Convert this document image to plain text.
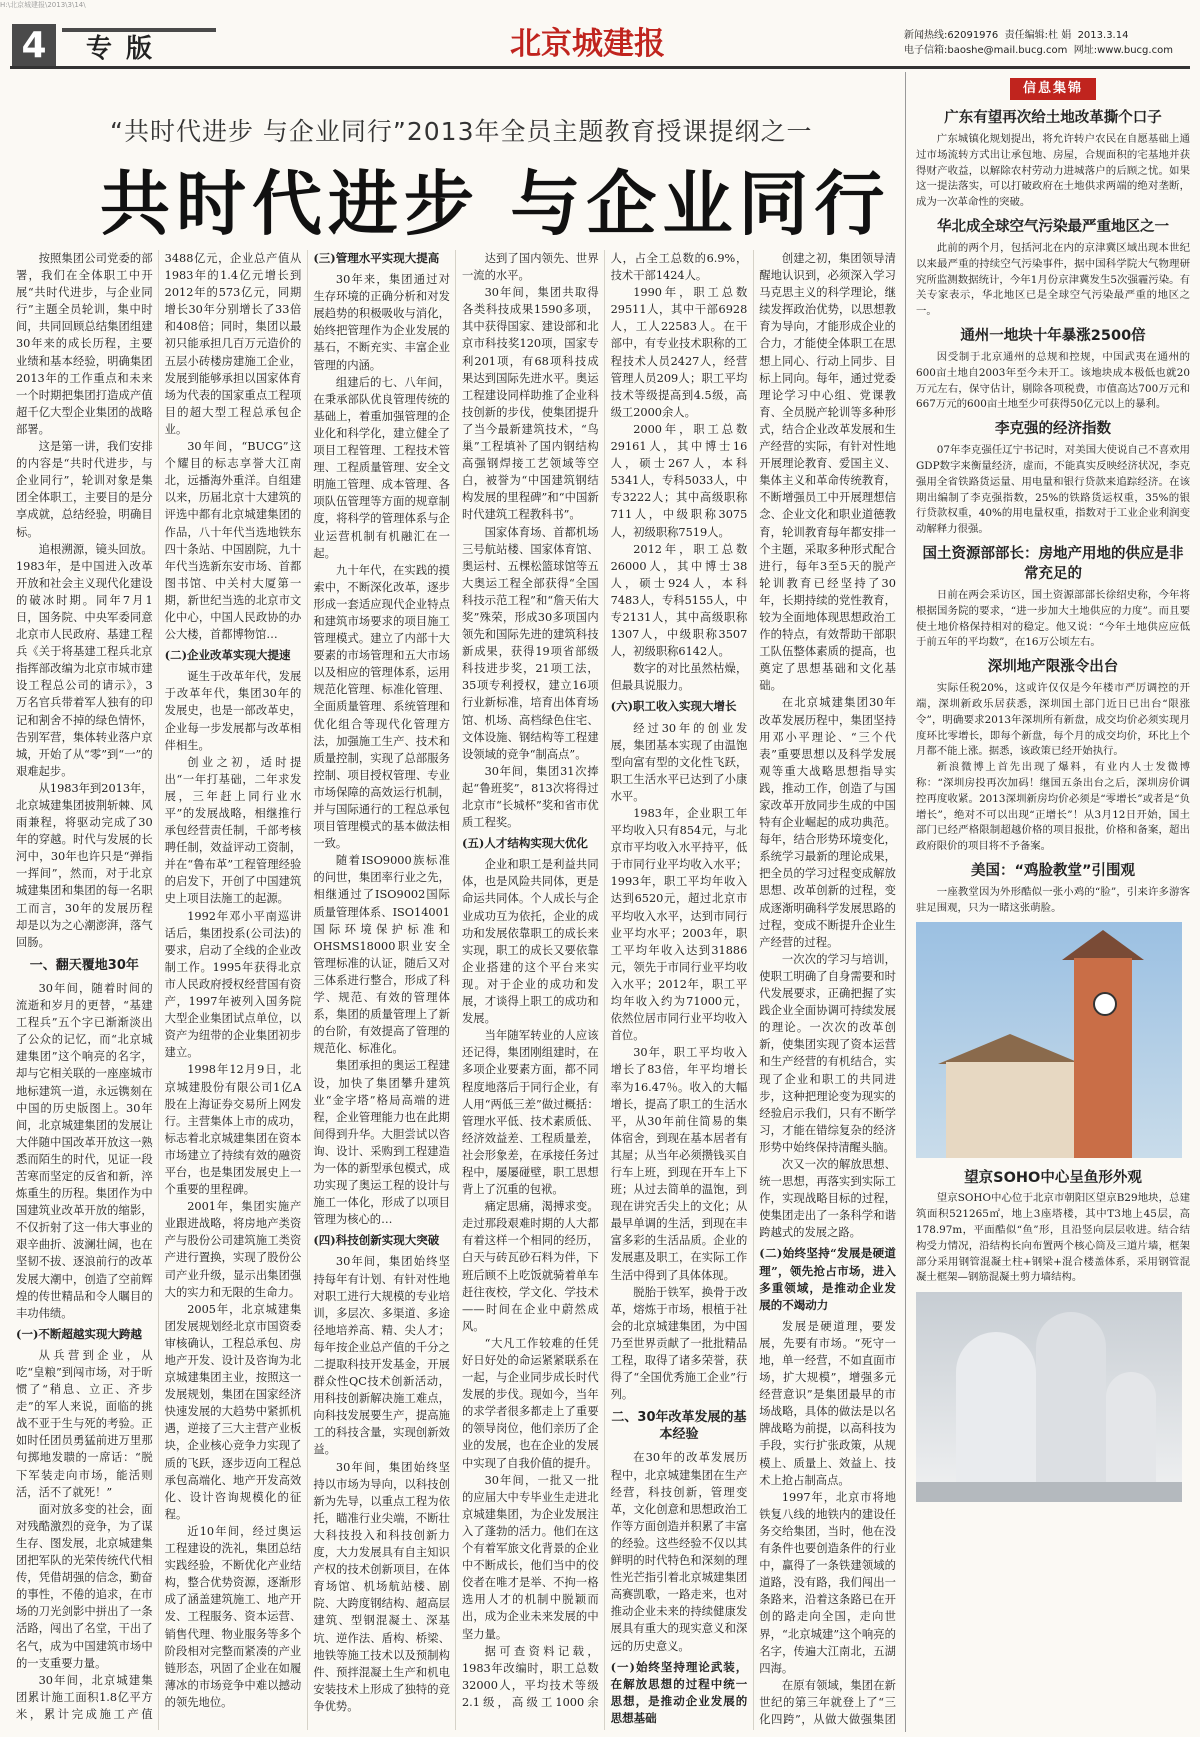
H:\北京城建报\2013\3\14\
4	专版	北京城建报	新闻热线:62091976 责任编辑:杜 娟 2013.3.14
电子信箱:baoshe@mail.bucg.com 网址:www.bucg.com
“共时代进步 与企业同行”2013年全员主题教育授课提纲之一
共时代进步 与企业同行

按照集团公司党委的部署，我们在全体职工中开展“共时代进步，与企业同行”主题全员轮训，集中时间，共同回顾总结集团组建30年来的成长历程，主要业绩和基本经验，明确集团2013年的工作重点和未来一个时期把集团打造成产值超千亿大型企业集团的战略部署。

这是第一讲，我们安排的内容是“共时代进步，与企业同行”，轮训对象是集团全体职工，主要目的是分享成就，总结经验，明确目标。

追根溯源，镜头回放。1983年，是中国进入改革开放和社会主义现代化建设的破冰时期。同年7月1日，国务院、中央军委同意北京市人民政府、基建工程兵《关于将基建工程兵北京指挥部改编为北京市城市建设工程总公司的请示》，3万名官兵带着军人独有的印记和割舍不掉的绿色情怀，告别军营，集体转业落户京城，开始了从“零”到“一”的艰难起步。

从1983年到2013年，北京城建集团披荆斩棘、风雨兼程，将驱动完成了30年的穿越。时代与发展的长河中，30年也许只是“弹指一挥间”，然而，对于北京城建集团和集团的每一名职工而言，30年的发展历程却是以为之心潮澎湃，落气回肠。

一、翻天覆地30年

30年间，随着时间的流逝和岁月的更替，“基建工程兵”五个字已渐渐淡出了公众的记忆，而“北京城建集团”这个响亮的名字，却与它相关联的一座座城市地标建筑一道，永远镌刻在中国的历史版图上。30年间，北京城建集团的发展让大伴随中国改革开放这一熟悉而陌生的时代，见证一段苦寒而坚定的反省和新，淬炼重生的历程。集团作为中国建筑业改革开放的缩影，不仅折射了这一伟大事业的艰辛曲折、波澜壮阔，也在坚韧不拔、逐浪前行的改革发展大潮中，创造了空前辉煌的传世精品和令人瞩目的丰功伟绩。

(一)不断超越实现大跨越

从兵营到企业，从吃“皇粮”到闯市场，对于昕惯了“稍息、立正、齐步走”的军人来说，面临的挑战不亚于生与死的考验。正如时任团员勇猛前进万里那句掷地发聩的一席话：“脱下军装走向市场，能活则活，活不了就死！”

面对放多变的社会，面对残酷激烈的竞争，为了谋生存、图发展，北京城建集团把军队的光荣传统代代相传，凭借胡强的信念，勤奋的事性，不倦的追求，在市场的刀光剑影中拼出了一条活路，闯出了名堂，干出了名气，成为中国建筑市场中的一支重要力量。

30年间，北京城建集团累计施工面积1.8亿平方米，累计完成施工产值3488亿元，企业总产值从1983年的1.4亿元增长到2012年的573亿元，同期增长30年分别增长了33倍和408倍；同时，集团以最初只能承担几百万元造价的五层小砖楼房建施工企业，发展到能够承担以国家体育场为代表的国家重点工程项目的超大型工程总承包企业。

30年间，“BUCG”这个耀目的标志享誉大江南北，远播海外重洋。自组建以来，历届北京十大建筑的评选中都有北京城建集团的作品，八十年代当选地铁东四十条站、中国剧院，九十年代当选新东安市场、首都图书馆、中关村大厦第一期，新世纪当选的北京市文化中心，中国人民政协的办公大楼，首都博物馆…

(二)企业改革实现大提速

诞生于改革年代，发展于改革年代，集团30年的发展史，也是一部改革史，企业每一步发展都与改革相伴相生。

创业之初，适时提出“一年打基础，二年求发展，三年赶上同行业水平”的发展战略，相继推行承包经营责任制，千部考核聘任制，效益评动工资制，并在“鲁布革”工程管理经验的启发下，开创了中国建筑史上项目法施工的起源。

1992年邓小平南巡讲话后，集团投系(公司法)的要求，启动了全线的企业改制工作。1995年获得北京市人民政府授权经营国有资产，1997年被列入国务院大型企业集团试点单位，以资产为纽带的企业集团初步建立。

1998年12月9日，北京城建股份有限公司1亿A股在上海证券交易所上网发行。主营集体上市的成功，标志着北京城建集团在资本市场建立了持续有效的融资平台，也是集团发展史上一个重要的里程碑。

2001年，集团实施产业跟进战略，将房地产类资产与股份公司建筑施工类资产进行置换，实现了股份公司产业升级，显示出集团强大的实力和无限的生命力。

2005年，北京城建集团发展规划经北京市国资委审核确认，工程总承包、房地产开发、设计及咨询为北京城建集团主业，按照这一发展规划，集团在国家经济快速发展的大趋势中紧抓机遇，逆接了三大主营产业板块，企业核心竞争力实现了质的飞跃，逐步迈向工程总承包高端化、地产开发高效化、设计咨询规模化的征程。

近10年间，经过奥运工程建设的洗礼，集团总结实践经验，不断优化产业结构，整合优势资源，逐渐形成了涵盖建筑施工、地产开发、工程服务、资本运营、销售代理、物业服务等多个阶段相对完整而紧凑的产业链形态，巩固了企业在如履薄冰的市场竞争中难以撼动的领先地位。

(三)管理水平实现大提高

30年来，集团通过对生存环境的正确分析和对发展趋势的积极吸收与消化，始终把管理作为企业发展的基石，不断充实、丰富企业管理的内涵。

组建后的七、八年间，在秉承部队优良管理传统的基础上，着重加强管理的企业化和科学化，建立健全了项目工程管理、工程技术管理、工程质量管理、安全文明施工管理、成本管理、各项队伍管理等方面的规章制度，将科学的管理体系与企业运营机制有机融汇在一起。

九十年代，在实践的摸索中，不断深化改革，逐步形成一套适应现代企业特点和建筑市场要求的项目施工管理模式。建立了内部十大要素的市场管理和五大市场以及相应的管理体系，运用规范化管理、标准化管理、全面质量管理、系统管理和优化组合等现代化管理方法，加强施工生产、技术和质量控制，实现了总部服务控制、项目授权管理、专业市场保障的高效运行机制，并与国际通行的工程总承包项目管理模式的基本做法相一致。

随着ISO9000族标准的问世，集团率行业之先，相继通过了ISO9002国际质量管理体系、ISO14001国际环境保护标准和OHSMS18000职业安全管理标准的认证，随后又对三体系进行整合，形成了科学、规范、有效的管理体系，集团的质量管理上了新的台阶，有效提高了管理的规范化、标准化。

集团承担的奥运工程建设，加快了集团攀升建筑业“金字塔”格局高端的进程，企业管理能力也在此期间得到升华。大胆尝试以咨询、设计、采购到工程建造为一体的新型承包模式，成功实现了奥运工程的设计与施工一体化，形成了以项目管理为核心的…

(四)科技创新实现大突破

30年间，集团始终坚持每年有计划、有针对性地对职工进行大规模的专业培训，多层次、多渠道、多途径地培养高、精、尖人才；每年按企业总产值的千分之二提取科技开发基金，开展群众性QC技术创新活动，用科技创新解决施工难点，向科技发展要生产，提高施工的科技含量，实现创新效益。

30年间，集团始终坚持以市场为导向，以科技创新为先导，以重点工程为依托，瞄准行业尖端，不断壮大科技投入和科技创新力度，大力发展具有自主知识产权的技术创新项目，在体育场馆、机场航站楼、剧院、大跨度钢结构、超高层建筑、型钢混凝土、深基坑、逆作法、盾构、桥梁、地铁等施工技术以及预制构件、预拌混凝土生产和机电安装技术上形成了独特的竞争优势。

达到了国内领先、世界一流的水平。

30年间，集团共取得各类科技成果1590多项，其中获得国家、建设部和北京市科技奖120项，国家专利201项，有68项科技成果达到国际先进水平。奥运工程建设同样助推了企业科技创新的步伐，使集团提升了当今最新建筑技术，“鸟巢”工程填补了国内钢结构高强钢焊接工艺领域等空白，被誉为“中国建筑钢结构发展的里程碑”和“中国新时代建筑工程教科书”。

国家体育场、首都机场三号航站楼、国家体育馆、奥运村、五棵松篮球馆等五大奥运工程全部获得“全国科技示范工程”和“詹天佑大奖”殊荣，形成30多项国内领先和国际先进的建筑科技新成果，获得19项省部级科技进步奖，21项工法，35项专利授权，建立16项行业新标准，培育出体育场馆、机场、高档绿色住宅、文体设施、钢结构等工程建设领域的竞争“制高点”。

30年间，集团31次捧起“鲁班奖”，813次将得过北京市“长城杯”奖和省市优质工程奖。

(五)人才结构实现大优化

企业和职工是利益共同体，也是风险共同体，更是命运共同体。个人成长与企业成功互为依托，企业的成功和发展依靠职工的成长来实现，职工的成长又要依靠企业搭建的这个平台来实现。对于企业的成功和发展，才谈得上职工的成功和发展。

当年随军转业的人应该还记得，集团刚组建时，在多项企业要素方面，都不同程度地落后于同行企业，有人用“两低三差”做过概括：管理水平低、技术素质低、经济效益差、工程质量差，社会形象差，在承接任务过程中，屡屡碰壁，职工思想背上了沉重的包袱。

痛定思痛，渴搏求变。走过那段艰难时期的人大都有着这样一个相同的经历，白天与砖瓦砂石料为伴，下班后顾不上吃饭就骑着单车赶往夜校，学文化、学技术——时间在企业中蔚然成风。

“大凡工作较难的任凭好日好处的命运紧紧联系在一起，与企业同步成长时代发展的步伐。现如今，当年的求学者很多都走上了重要的领导岗位，他们亲历了企业的发展，也在企业的发展中实现了自我价值的提升。

30年间，一批又一批的应届大中专毕业生走进北京城建集团，为企业发展注入了蓬勃的活力。他们在这个有着军旅文化背景的企业中不断成长，他们当中的佼佼者在唯才是举、不拘一格选用人才的机制中脱颖而出，成为企业未来发展的中坚力量。

据可查资料记载，1983年改编时，职工总数32000人，平均技术等级2.1级，高级工1000余人，占全工总数的6.9%，技术干部1424人。

1990年，职工总数29511人，其中干部6928人，工人22583人。在干部中，有专业技术职称的工程技术人员2427人，经营管理人员209人；职工平均技术等级提高到4.5级，高级工2000余人。

2000年，职工总数29161人，其中博士16人，硕士267人，本科5341人，专科5033人，中专3222人；其中高级职称711人，中级职称3075人，初级职称7519人。

2012年，职工总数26000人，其中博士38人，硕士924人，本科7483人，专科5155人，中专2131人，其中高级职称1307人，中级职称3507人，初级职称6142人。

数字的对比虽然枯燥，但最具说服力。

(六)职工收入实现大增长

经过30年的创业发展，集团基本实现了由温饱型向富有型的文化性飞跃，职工生活水平已达到了小康水平。

1983年，企业职工年平均收入只有854元，与北京市平均收入水平持平，低于市同行业平均收入水平；1993年，职工平均年收入达到6520元，超过北京市平均收入水平，达到市同行业平均水平；2003年，职工平均年收入达到31886元，领先于市同行业平均收入水平；2012年，职工平均年收入约为71000元，依然位居市同行业平均收入首位。

30年，职工平均收入增长了83倍，年平均增长率为16.47％。收入的大幅增长，提高了职工的生活水平，从30年前住简易的集体宿舍，到现在基本居者有其屋；从当年必须攒钱买自行车上班，到现在开车上下班；从过去简单的温饱，到现在讲究舌尖上的文化；从最早单调的生活，到现在丰富多彩的生活品质。企业的发展惠及职工，在实际工作生活中得到了具体体现。

脱胎于铁军，换骨于改革，熔炼于市场，根植于社会的北京城建集团，为中国乃至世界贡献了一批批精品工程，取得了诸多荣誉，获得了“全国优秀施工企业”行列。

二、30年改革发展的基本经验

在30年的改革发展历程中，北京城建集团在生产经营，科技创新，管理变革，文化创意和思想政治工作等方面创造并积累了丰富的经验。这些经验不仅以其鲜明的时代特色和深刻的理性光芒指引着北京城建集团高赛凯歌，一路走来，也对推动企业未来的持续健康发展具有重大的现实意义和深远的历史意义。

(一)始终坚持理论武装，在解放思想的过程中统一思想，是推动企业发展的思想基础

创建之初，集团领导清醒地认识到，必须深入学习马克思主义的科学理论，继续发挥政治优势，以思想教育为导向，才能形成企业的合力，才能使全体职工在思想上同心、行动上同步、目标上同向。每年，通过党委理论学习中心组、党课教育、全员脱产轮训等多种形式，结合企业改革发展和生产经营的实际，有针对性地开展理论教育、爱国主义、集体主义和革命传统教育，不断增强员工中开展理想信念、企业文化和职业道德教育，轮训教育每年都安排一个主题，采取多种形式配合进行，每年3至5天的脱产轮训教育已经坚持了30年，长期持续的党性教育，较为全面地体现思想政治工作的特点，有效帮助干部职工队伍整体素质的提高，也奠定了思想基础和文化基础。

在北京城建集团30年改革发展历程中，集团坚持用邓小平理论、“三个代表”重要思想以及科学发展观等重大战略思想指导实践，推动工作，创造了与国家改革开放同步生成的中国特有企业崛起的成功典范。每年，结合形势环境变化，系统学习最新的理论成果，把全员的学习过程变成解放思想、改革创新的过程，变成逐渐明确科学发展思路的过程，变成不断提升企业生产经营的过程。

一次次的学习与培训，使职工明确了自身需要和时代发展要求，正确把握了实践企业全面协调可持续发展的理论。一次次的改革创新，使集团实现了资本运营和生产经营的有机结合，实现了企业和职工的共同进步，这种把理论变为现实的经验启示我们，只有不断学习，才能在错综复杂的经济形势中始终保持清醒头脑。

次又一次的解放思想、统一思想，再落实到实际工作，实现战略目标的过程，使集团走出了一条科学和谐跨越式的发展之路。

(二)始终坚持“发展是硬道理”，领先抢占市场，进入多重领域，是推动企业发展的不竭动力

发展是硬道理，要发展，先要有市场。“死守一地，单一经营，不如直面市场，扩大规模”，增强多元经营意识”是集团最早的市场战略，具体的做法是以名牌战略为前提，以高科技为手段，实行扩张政策，从规模上、质量上、效益上、技术上抢占制高点。

1997年，北京市将地铁复八线的地铁内的建设任务交给集团，当时，他在没有条件也要创造条件的行业中，赢得了一条铁建领域的道路，没有路，我们闯出一条路来，沿着这条路已在开创的路走向全国，走向世界，“北京城建”这个响亮的名字，传遍大江南北，五湖四海。

在原有领域，集团在新世纪的第三年就登上了“三化四跨”，从做大做强集团

信息集锦
广东有望再次给土地改革撕个口子

广东城镇化规划提出，将允许转户农民在自愿基础上通过市场流转方式出让承包地、房屋，合规面积的宅基地并获得财产收益，以解除农村劳动力进城落户的后顾之忧。如果这一提法落实，可以打破政府在土地供求两端的绝对垄断，成为一次革命性的突破。

华北成全球空气污染最严重地区之一

此前的两个月，包括河北在内的京津冀区域出现本世纪以来最严重的持续空气污染事件，据中国科学院大气物理研究所监测数据统计，今年1月份京津冀发生5次强霾污染。有关专家表示，华北地区已是全球空气污染最严重的地区之一。

通州一地块十年暴涨2500倍

因受制于北京通州的总规和控规，中国武夷在通州的600亩土地自2003年至今未开工。该地块成本极低也就20万元左右，保守估计，剔除各项税费，市值高达700万元和667万元的600亩土地至少可获得50亿元以上的暴利。

李克强的经济指数

07年李克强任辽宁书记时，对美国大使说自己不喜欢用GDP数字来衡量经济，虚而，不能真实反映经济状况，李克强用全省铁路货运量、用电量和银行贷款来追踪经济。在该期出编制了李克强指数，25%的铁路货运权重，35%的银行贷款权重，40%的用电量权重，指数对于工业企业利润变动解释力很强。

国土资源部部长：房地产用地的供应是非常充足的

日前在两会采访区，国土资源部部长徐绍史称，今年将根据国务院的要求，“进一步加大土地供应的力度”。而且要使土地价格保持相对的稳定。他又说：“今年土地供应应低于前五年的平均数”，在16万公顷左右。

深圳地产限涨令出台

实际任税20%，这或许仅仅是今年楼市严厉调控的开端，深圳新政乐居获悉，深圳国土部门近日已出台“限涨令”，明确要求2013年深圳所有新盘，成交均价必须实现月度环比零增长，即每个新盘，每个月的成交均价，环比上个月都不能上涨。据悉，该政策已经开始执行。

新浪微博上首先出现了爆料，有业内人士发微博称：“深圳房投再次加码！继国五条出台之后，深圳房价调控再度收紧。2013深圳新房均价必须是“零增长”或者是“负增长”，绝对不可以出现“正增长”！从3月12日开始，国土部门已经严格限制超越价格的项目报批，价格和备案，超出政府限价的项目将不予备案。

美国：“鸡脸教堂”引围观

一座教堂因为外形酷似一张小鸡的“脸”，引来许多游客驻足围观，只为一睹这张萌脸。

望京SOHO中心呈鱼形外观

望京SOHO中心位于北京市朝阳区望京B29地块，总建筑面积521265㎡，地上3座塔楼，其中T3地上45层，高178.97m，平面酷似“鱼”形，且沿竖向层层收进。结合结构受力情况，沿结构长向布置两个核心筒及三道片墙，框架部分采用钢管混凝土柱+钢梁+混合楼盖体系，采用钢管混凝土框架—钢筋混凝土剪力墙结构。
